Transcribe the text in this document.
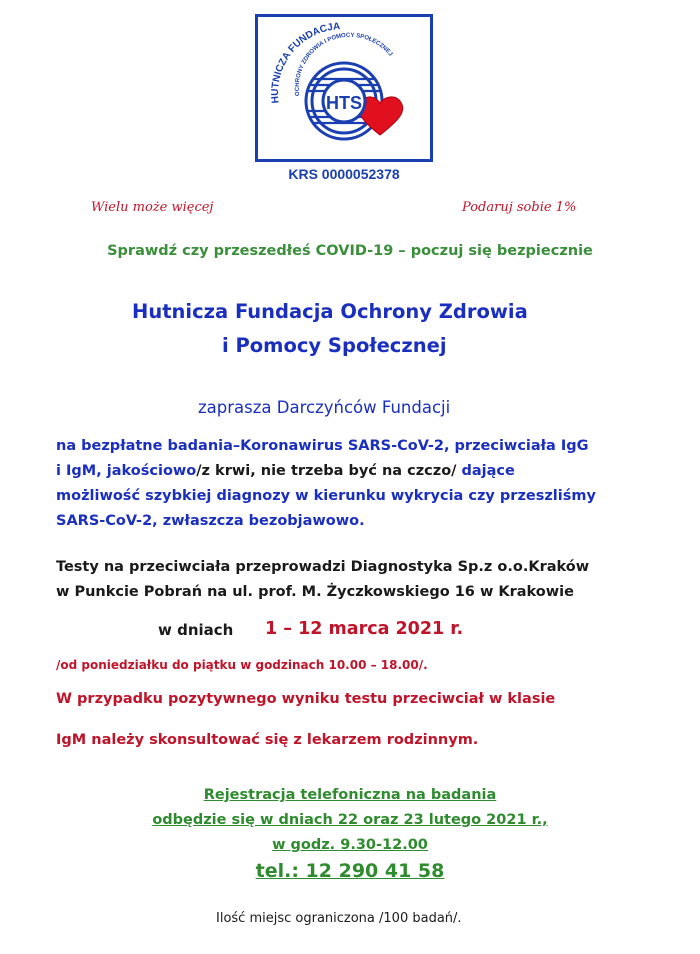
HUTNICZA FUNDACJA
OCHRONY ZDROWIA I POMOCY SPOŁECZNEJ
HTS
KRS 0000052378
Wielu może więcej	Podaruj sobie 1%
Sprawdź czy przeszedłeś COVID-19 – poczuj się bezpiecznie
Hutnicza Fundacja Ochrony Zdrowia
i Pomocy Społecznej
zaprasza Darczyńców Fundacji
na bezpłatne badania–Koronawirus SARS-CoV-2, przeciwciała IgG
i IgM, jakościowo/z krwi, nie trzeba być na czczo/ dające
możliwość szybkiej diagnozy w kierunku wykrycia czy przeszliśmy
SARS-CoV-2, zwłaszcza bezobjawowo.
Testy na przeciwciała przeprowadzi Diagnostyka Sp.z o.o.Kraków
w Punkcie Pobrań na ul. prof. M. Życzkowskiego 16 w Krakowie
w dniach 1 – 12 marca 2021 r.
/od poniedziałku do piątku w godzinach 10.00 – 18.00/.
W przypadku pozytywnego wyniku testu przeciwciał w klasie
IgM należy skonsultować się z lekarzem rodzinnym.
Rejestracja telefoniczna na badania
odbędzie się w dniach 22 oraz 23 lutego 2021 r.,
w godz. 9.30-12.00
tel.: 12 290 41 58
Ilość miejsc ograniczona /100 badań/.
